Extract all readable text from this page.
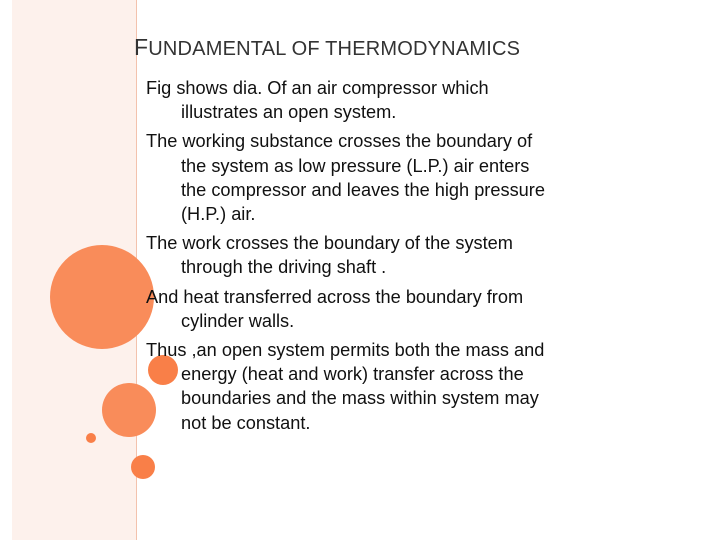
FUNDAMENTAL OF THERMODYNAMICS
Fig shows dia. Of an air compressor which
illustrates an open system.
The working substance crosses the boundary of
the system as low pressure (L.P.) air enters
the compressor and leaves the high pressure
(H.P.) air.
The work crosses the boundary of the system
through the driving shaft .
And heat transferred across the boundary from
cylinder walls.
Thus ,an open system permits both the mass and
energy (heat and work) transfer across the
boundaries and the mass within system may
not be constant.
